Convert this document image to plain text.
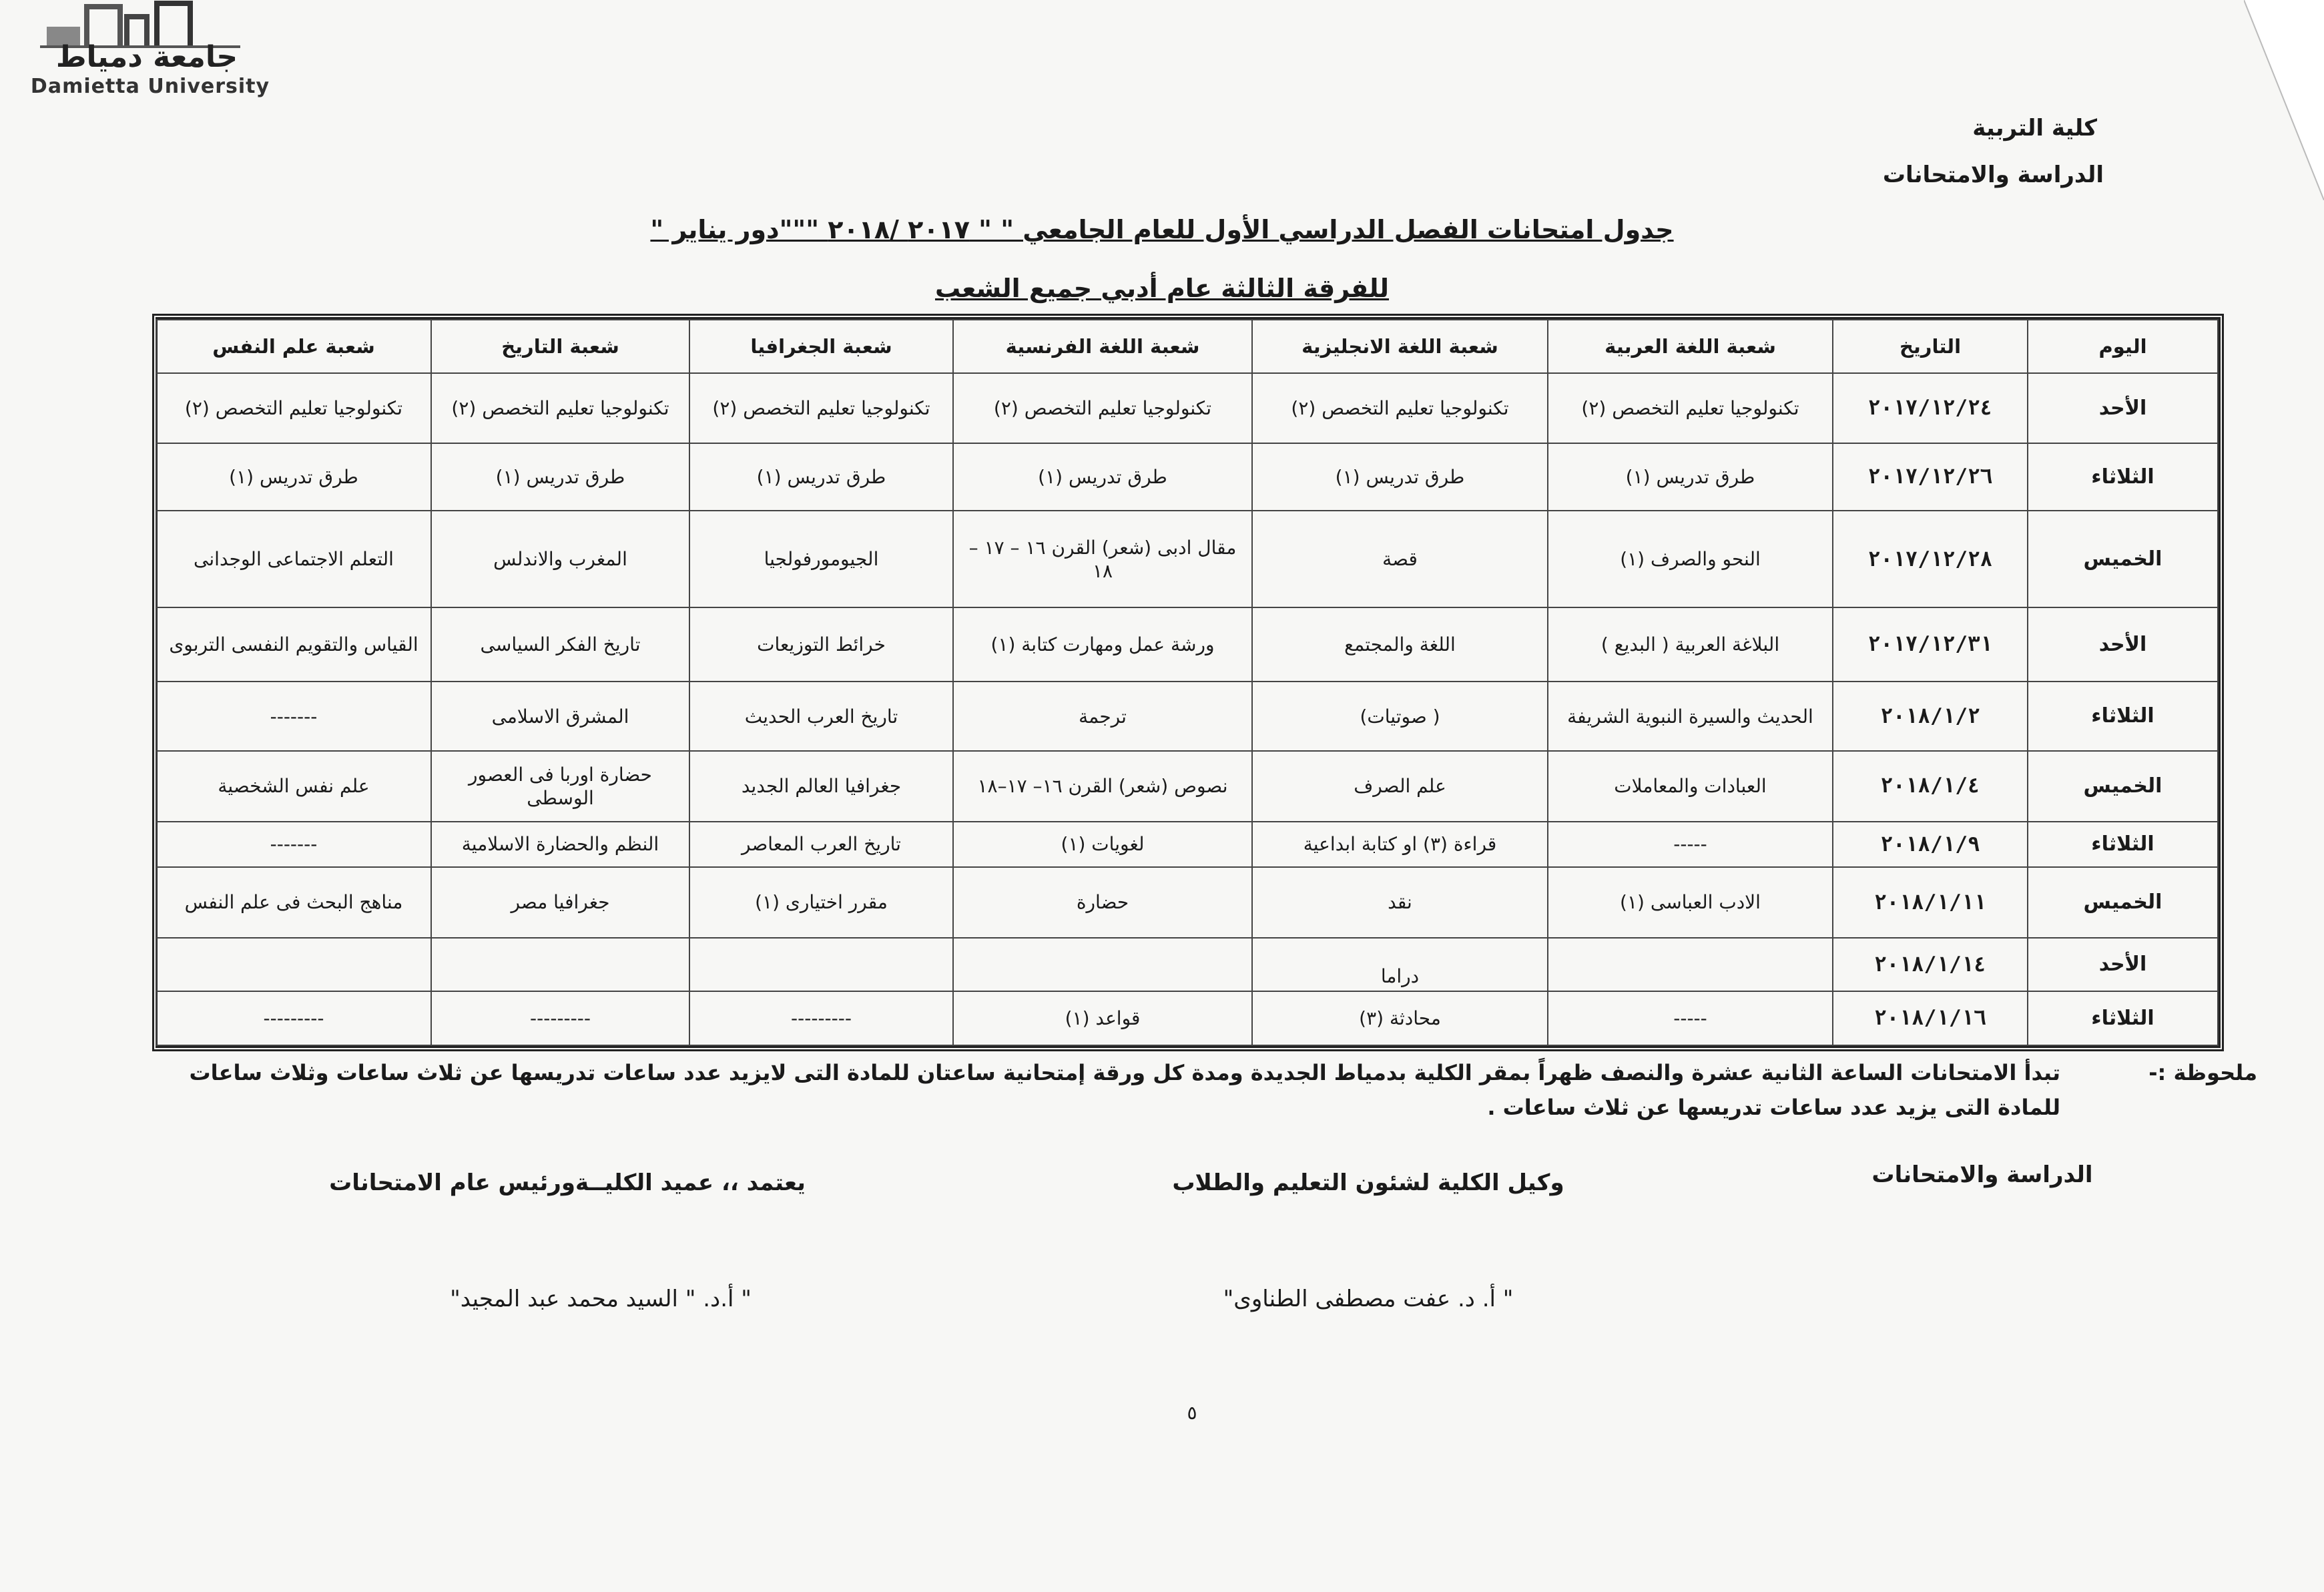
جامعة دمياط
Damietta University
كلية التربية
الدراسة والامتحانات
جدول امتحانات الفصل الدراسي الأول للعام الجامعي " " ٢٠١٧ /٢٠١٨ """دور يناير "
للفرقة الثالثة عام أدبي جميع الشعب
اليوم	التاريخ	شعبة اللغة العربية	شعبة اللغة الانجليزية	شعبة اللغة الفرنسية	شعبة الجغرافيا	شعبة التاريخ	شعبة علم النفس
الأحد	٢٠١٧/١٢/٢٤	تكنولوجيا تعليم التخصص (٢)	تكنولوجيا تعليم التخصص (٢)	تكنولوجيا تعليم التخصص (٢)	تكنولوجيا تعليم التخصص (٢)	تكنولوجيا تعليم التخصص (٢)	تكنولوجيا تعليم التخصص (٢)
الثلاثاء	٢٠١٧/١٢/٢٦	طرق تدريس (١)	طرق تدريس (١)	طرق تدريس (١)	طرق تدريس (١)	طرق تدريس (١)	طرق تدريس (١)
الخميس	٢٠١٧/١٢/٢٨	النحو والصرف (١)	قصة	مقال ادبى (شعر) القرن ١٦ – ١٧ – ١٨	الجيومورفولجيا	المغرب والاندلس	التعلم الاجتماعى الوجدانى
الأحد	٢٠١٧/١٢/٣١	البلاغة العربية ( البديع )	اللغة والمجتمع	ورشة عمل ومهارت كتابة (١)	خرائط التوزيعات	تاريخ الفكر السياسى	القياس والتقويم النفسى التربوى
الثلاثاء	٢٠١٨/١/٢	الحديث والسيرة النبوية الشريفة	( صوتيات)	ترجمة	تاريخ العرب الحديث	المشرق الاسلامى	-------
الخميس	٢٠١٨/١/٤	العبادات والمعاملات	علم الصرف	نصوص (شعر) القرن ١٦– ١٧–١٨	جغرافيا العالم الجديد	حضارة اوربا فى العصور الوسطى	علم نفس الشخصية
الثلاثاء	٢٠١٨/١/٩	-----	قراءة (٣) او كتابة ابداعية	لغويات (١)	تاريخ العرب المعاصر	النظم والحضارة الاسلامية	-------
الخميس	٢٠١٨/١/١١	الادب العباسى (١)	نقد	حضارة	مقرر اختيارى (١)	جغرافيا مصر	مناهج البحث فى علم النفس
الأحد	٢٠١٨/١/١٤		دراما				
الثلاثاء	٢٠١٨/١/١٦	-----	محادثة (٣)	قواعد (١)	---------	---------	---------
ملحوظة :-
تبدأ الامتحانات الساعة الثانية عشرة والنصف ظهراً بمقر الكلية بدمياط الجديدة ومدة كل ورقة إمتحانية ساعتان للمادة التى لايزيد عدد ساعات تدريسها عن ثلاث ساعات وثلاث ساعات
للمادة التى يزيد عدد ساعات تدريسها عن ثلاث ساعات .
الدراسة والامتحانات
وكيل الكلية لشئون التعليم والطلاب
يعتمد ،، عميد الكليــةورئيس عام الامتحانات
" أ. د. عفت مصطفى الطناوى"
" أ.د. " السيد محمد عبد المجيد"
٥
